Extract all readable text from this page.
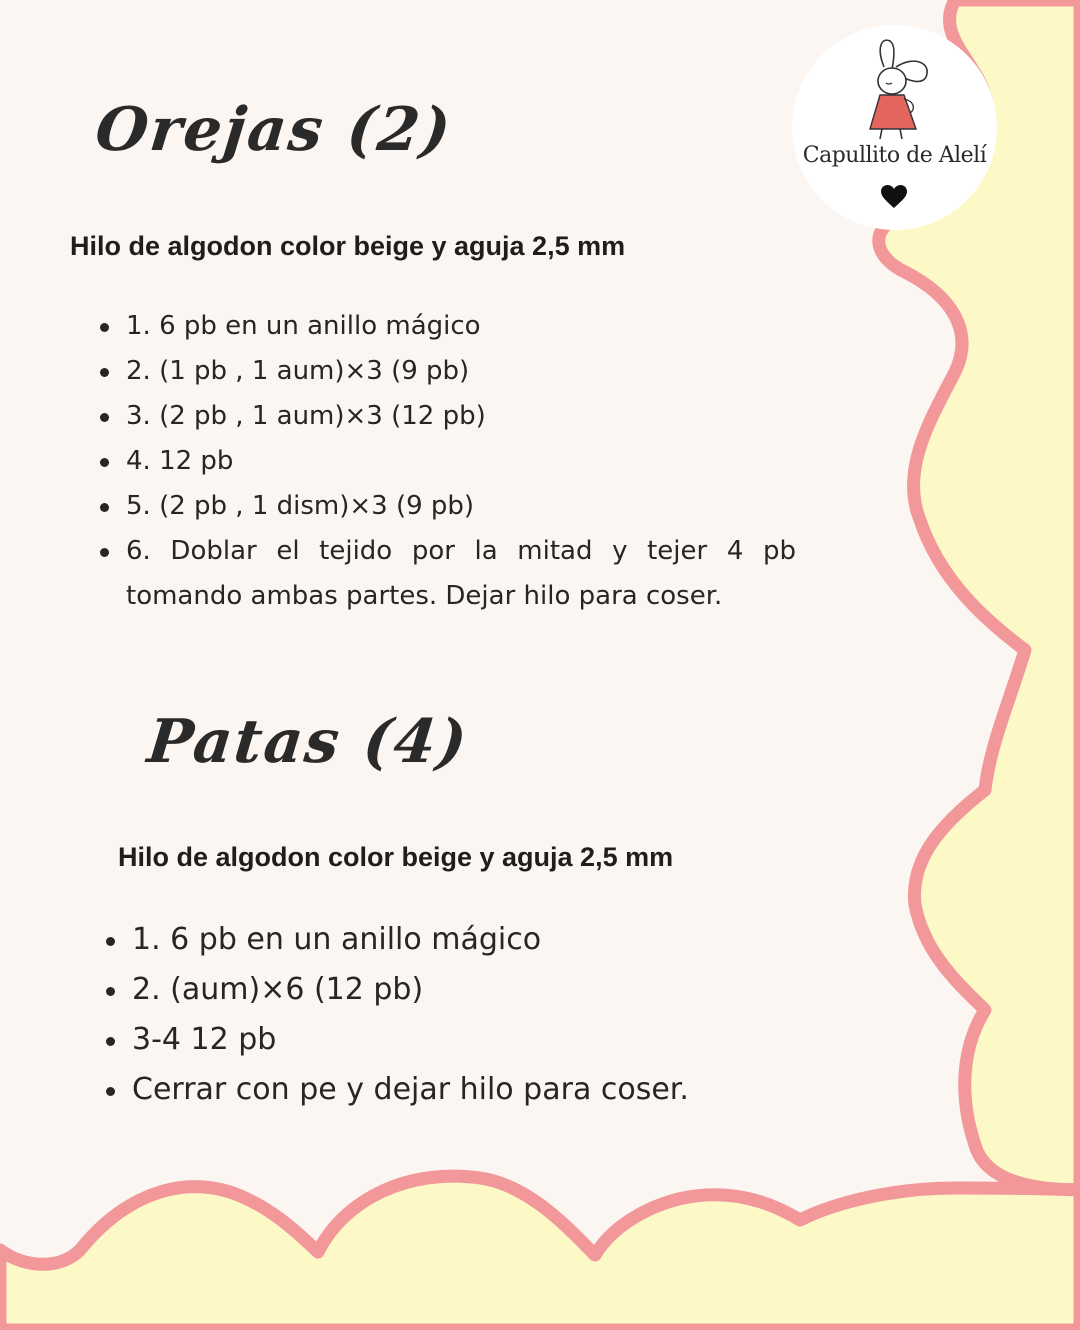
Capullito de Alelí
Orejas (2)
Hilo de algodon color beige y aguja 2,5 mm
1. 6 pb en un anillo mágico
2. (1 pb , 1 aum)×3 (9 pb)
3. (2 pb , 1 aum)×3 (12 pb)
4. 12 pb
5. (2 pb , 1 dism)×3 (9 pb)
6. Doblar el tejido por la mitad y tejer 4 pb tomando ambas partes. Dejar hilo para coser.
Patas (4)
Hilo de algodon color beige y aguja 2,5 mm
1. 6 pb en un anillo mágico
2. (aum)×6 (12 pb)
3-4 12 pb
Cerrar con pe y dejar hilo para coser.
